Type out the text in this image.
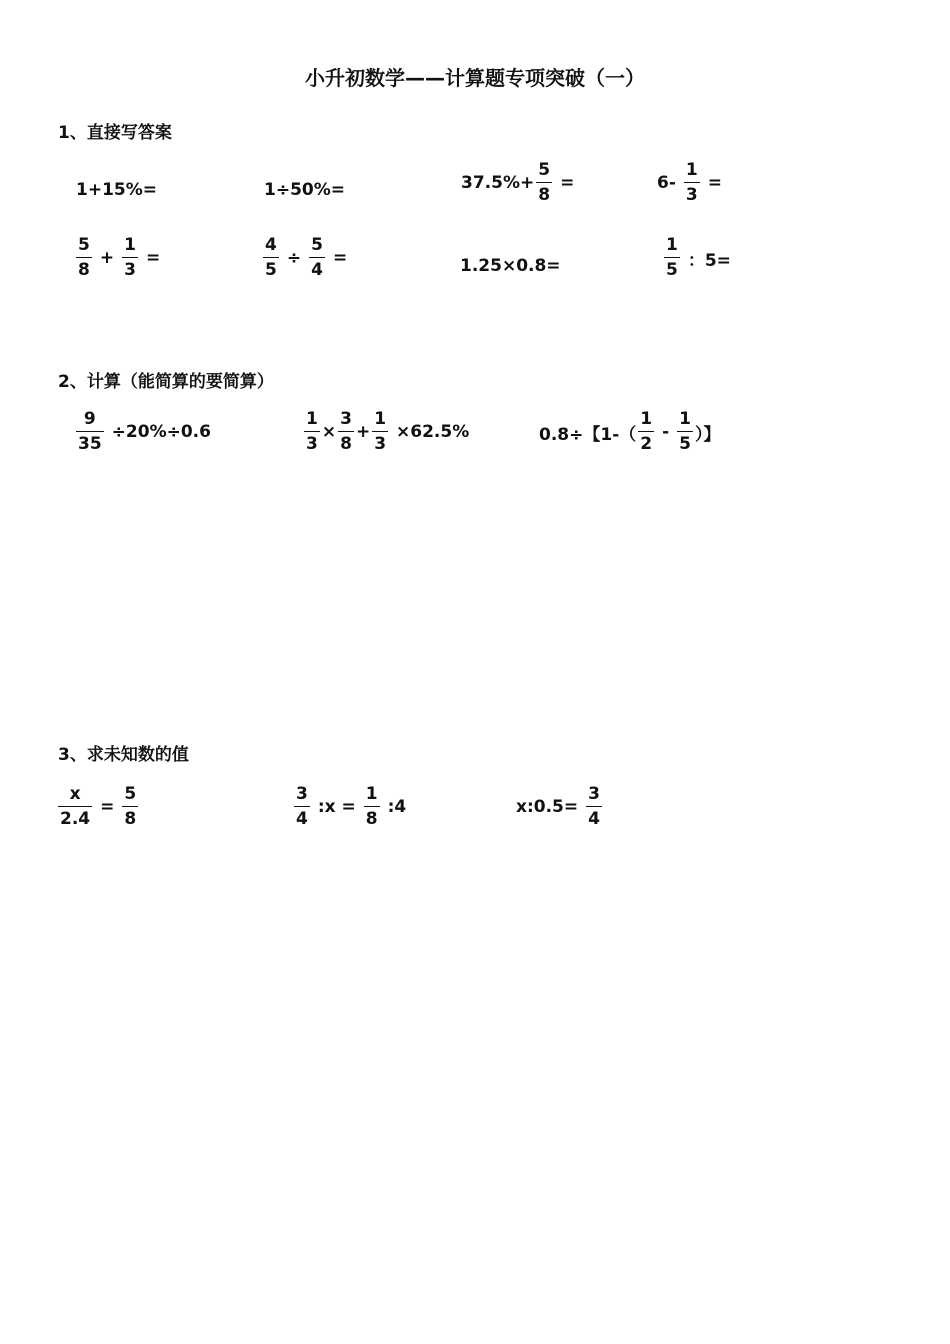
小升初数学——计算题专项突破（一）
1、直接写答案
1+15%=	1÷50%=	$37.5\%+ \frac{5}{8}$ =	$6- \frac{1}{3}$ =
$\frac{5}{8} + \frac{1}{3}$ =	$\frac{4}{5} \div \frac{5}{4}$ =	1.25×0.8=	$\frac{1}{5}$ ：5=
2、计算（能简算的要简算）
$\frac{9}{35} \div 20\%\div 0.6$	$\frac{1}{3} \times \frac{3}{8} + \frac{1}{3} \times 62.5\%$	0.8÷【$1-( \frac{1}{2} - \frac{1}{5}$ ）】
3、求未知数的值
$\frac{x}{2.4} = \frac{5}{8}$	$\frac{3}{4}$ :x = $\frac{1}{8}$ :4	x:0.5= $\frac{3}{4}$
